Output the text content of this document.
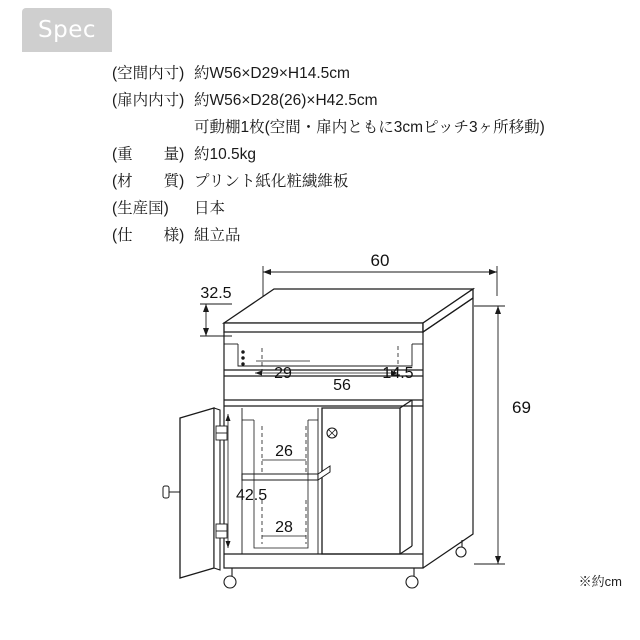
Spec
(空間内寸) 約W56×D29×H14.5cm
(扉内内寸) 約W56×D28(26)×H42.5cm
可動棚1枚(空間・扉内ともに3cmピッチ3ヶ所移動)
(重　　量) 約10.5kg
(材　　質) プリント紙化粧繊維板
(生産国)	日本
(仕　　様) 組立品
60
32.5
69
29
56
14.5
26
42.5
28
※約cm
